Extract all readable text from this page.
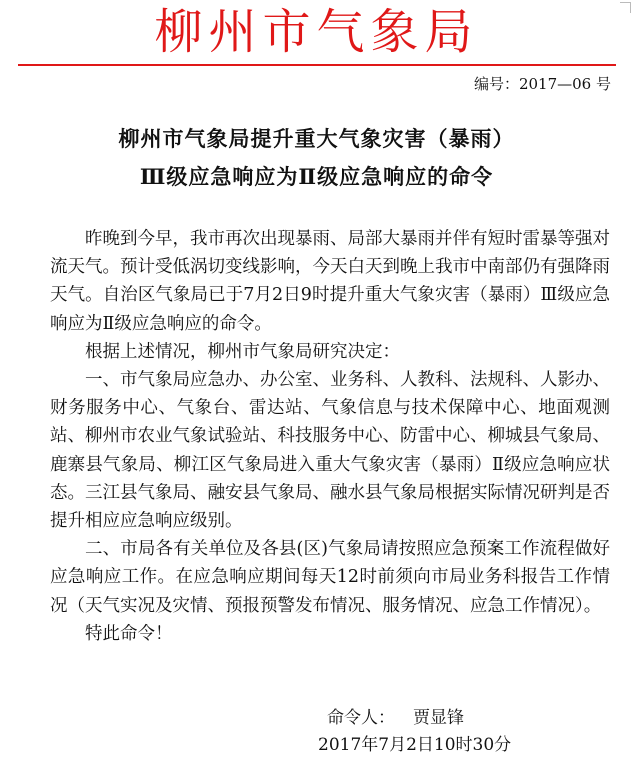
柳州市气象局
编号：2017—06 号
柳州市气象局提升重大气象灾害（暴雨）
Ⅲ级应急响应为Ⅱ级应急响应的命令

昨晚到今早，我市再次出现暴雨、局部大暴雨并伴有短时雷暴等强对流天气。预计受低涡切变线影响，今天白天到晚上我市中南部仍有强降雨天气。自治区气象局已于7月2日9时提升重大气象灾害（暴雨）Ⅲ级应急响应为Ⅱ级应急响应的命令。

根据上述情况，柳州市气象局研究决定：

一、市气象局应急办、办公室、业务科、人教科、法规科、人影办、财务服务中心、气象台、雷达站、气象信息与技术保障中心、地面观测站、柳州市农业气象试验站、科技服务中心、防雷中心、柳城县气象局、鹿寨县气象局、柳江区气象局进入重大气象灾害（暴雨）Ⅱ级应急响应状态。三江县气象局、融安县气象局、融水县气象局根据实际情况研判是否提升相应应急响应级别。

二、市局各有关单位及各县(区)气象局请按照应急预案工作流程做好应急响应工作。在应急响应期间每天12时前须向市局业务科报告工作情况（天气实况及灾情、预报预警发布情况、服务情况、应急工作情况）。

特此命令！

命令人： 贾显锋
2017年7月2日10时30分
